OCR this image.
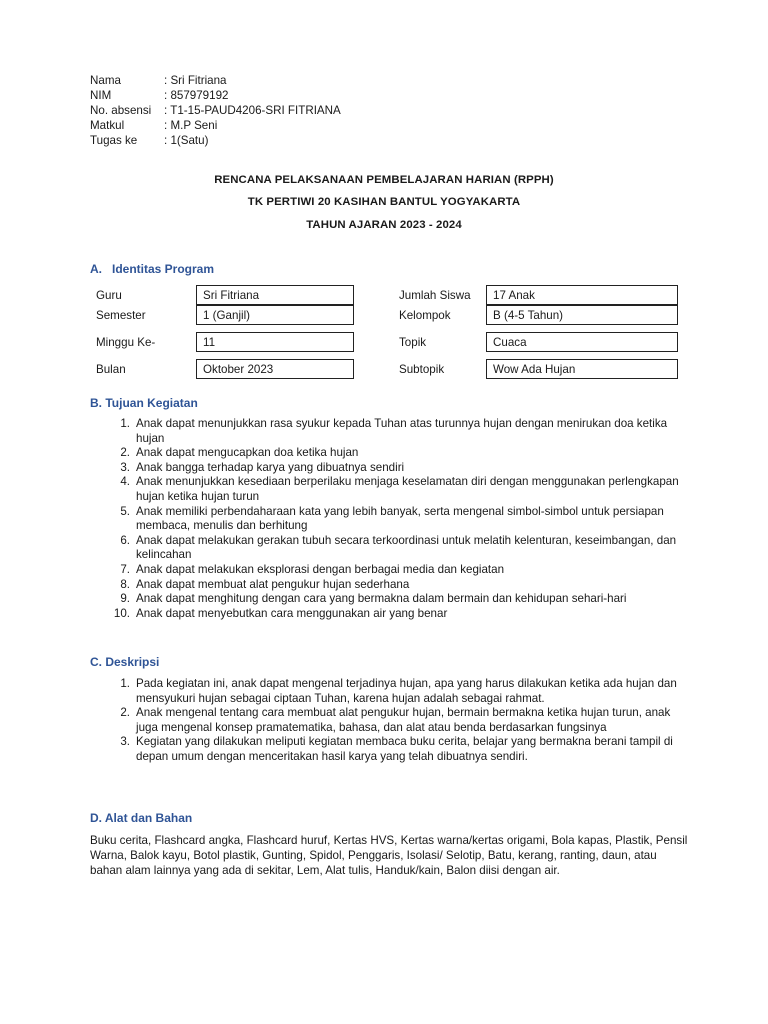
Nama	: Sri Fitriana
NIM	: 857979192
No. absensi	: T1-15-PAUD4206-SRI FITRIANA
Matkul	: M.P Seni
Tugas ke	: 1(Satu)
RENCANA PELAKSANAAN PEMBELAJARAN HARIAN (RPPH)
TK PERTIWI 20 KASIHAN BANTUL YOGYAKARTA
TAHUN AJARAN 2023 - 2024
A. Identitas Program
Guru	Sri Fitriana	Jumlah Siswa	17 Anak
Semester	1 (Ganjil)	Kelompok	B (4-5 Tahun)
Minggu Ke-	11	Topik	Cuaca
Bulan	Oktober 2023	Subtopik	Wow Ada Hujan
B. Tujuan Kegiatan
1. Anak dapat menunjukkan rasa syukur kepada Tuhan atas turunnya hujan dengan menirukan doa ketika hujan
2. Anak dapat mengucapkan doa ketika hujan
3. Anak bangga terhadap karya yang dibuatnya sendiri
4. Anak menunjukkan kesediaan berperilaku menjaga keselamatan diri dengan menggunakan perlengkapan hujan ketika hujan turun
5. Anak memiliki perbendaharaan kata yang lebih banyak, serta mengenal simbol-simbol untuk persiapan membaca, menulis dan berhitung
6. Anak dapat melakukan gerakan tubuh secara terkoordinasi untuk melatih kelenturan, keseimbangan, dan kelincahan
7. Anak dapat melakukan eksplorasi dengan berbagai media dan kegiatan
8. Anak dapat membuat alat pengukur hujan sederhana
9. Anak dapat menghitung dengan cara yang bermakna dalam bermain dan kehidupan sehari-hari
10. Anak dapat menyebutkan cara menggunakan air yang benar
C. Deskripsi
1. Pada kegiatan ini, anak dapat mengenal terjadinya hujan, apa yang harus dilakukan ketika ada hujan dan mensyukuri hujan sebagai ciptaan Tuhan, karena hujan adalah sebagai rahmat.
2. Anak mengenal tentang cara membuat alat pengukur hujan, bermain bermakna ketika hujan turun, anak juga mengenal konsep pramatematika, bahasa, dan alat atau benda berdasarkan fungsinya
3. Kegiatan yang dilakukan meliputi kegiatan membaca buku cerita, belajar yang bermakna berani tampil di depan umum dengan menceritakan hasil karya yang telah dibuatnya sendiri.
D. Alat dan Bahan
Buku cerita, Flashcard angka, Flashcard huruf, Kertas HVS, Kertas warna/kertas origami, Bola kapas, Plastik, Pensil Warna, Balok kayu, Botol plastik, Gunting, Spidol, Penggaris, Isolasi/ Selotip, Batu, kerang, ranting, daun, atau bahan alam lainnya yang ada di sekitar, Lem, Alat tulis, Handuk/kain, Balon diisi dengan air.
